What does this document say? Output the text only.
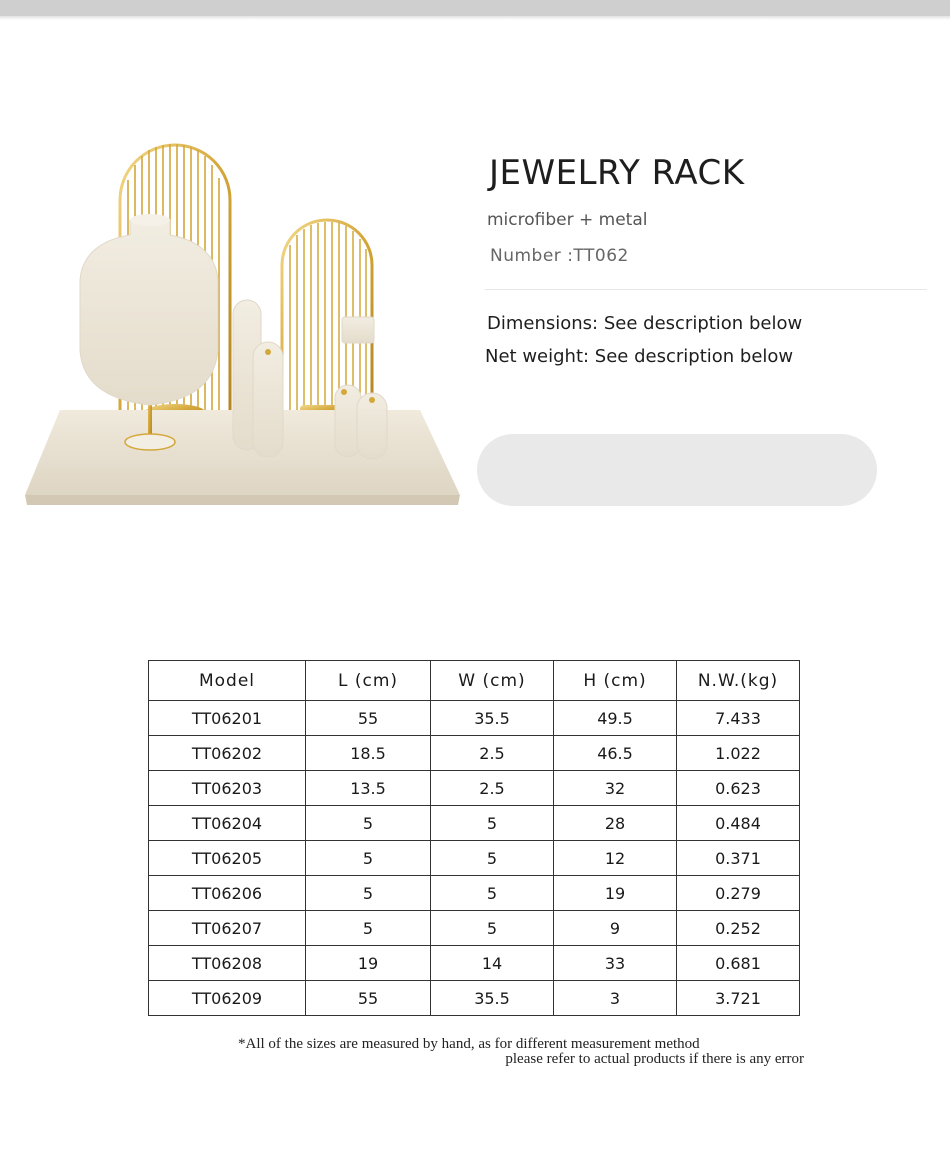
JEWELRY RACK
microfiber + metal
Number :TT062
Dimensions: See description below
Net weight: See description below
Model	L (cm)	W (cm)	H (cm)	N.W.(kg)
TT06201	55	35.5	49.5	7.433
TT06202	18.5	2.5	46.5	1.022
TT06203	13.5	2.5	32	0.623
TT06204	5	5	28	0.484
TT06205	5	5	12	0.371
TT06206	5	5	19	0.279
TT06207	5	5	9	0.252
TT06208	19	14	33	0.681
TT06209	55	35.5	3	3.721
*All of the sizes are measured by hand, as for different measurement method
please refer to actual products if there is any error
